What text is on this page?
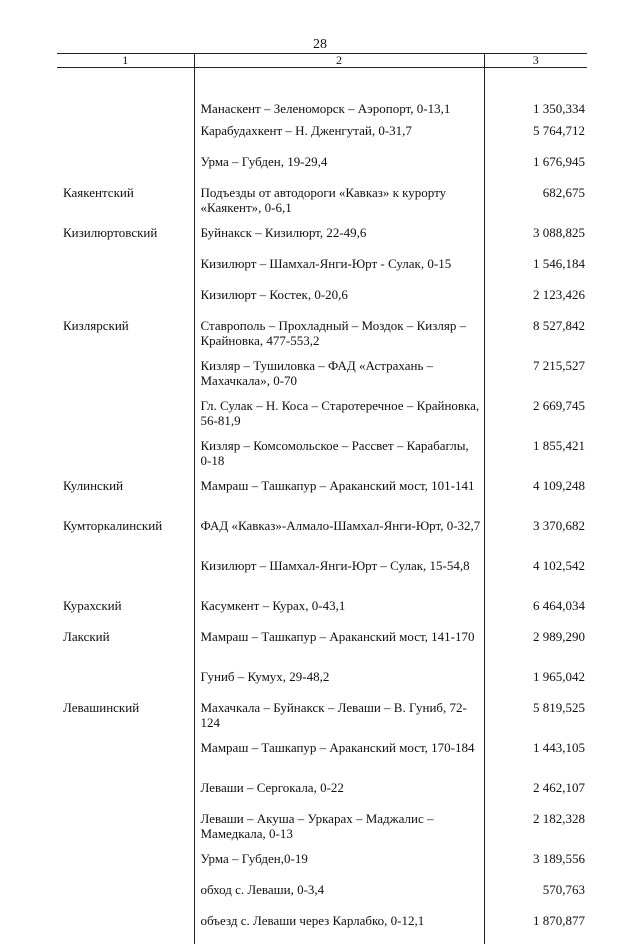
28
1	2	3
	Манаскент – Зеленоморск – Аэропорт, 0-13,1	1 350,334
	Карабудахкент – Н. Дженгутай, 0-31,7	5 764,712
	Урма – Губден, 19-29,4	1 676,945
Каякентский	Подъезды от автодороги «Кавказ» к курорту «Каякент», 0-6,1	682,675
Кизилюртовский	Буйнакск – Кизилюрт, 22-49,6	3 088,825
	Кизилюрт – Шамхал-Янги-Юрт - Сулак, 0-15	1 546,184
	Кизилюрт – Костек, 0-20,6	2 123,426
Кизлярский	Ставрополь – Прохладный – Моздок – Кизляр – Крайновка, 477-553,2	8 527,842
	Кизляр – Тушиловка – ФАД «Астрахань – Махачкала», 0-70	7 215,527
	Гл. Сулак – Н. Коса – Старотеречное – Крайновка, 56-81,9	2 669,745
	Кизляр – Комсомольское – Рассвет – Карабаглы, 0-18	1 855,421
Кулинский	Мамраш – Ташкапур – Араканский мост, 101-141	4 109,248
Кумторкалинский	ФАД «Кавказ»-Алмало-Шамхал-Янги-Юрт, 0-32,7	3 370,682
	Кизилюрт – Шамхал-Янги-Юрт – Сулак, 15-54,8	4 102,542
Курахский	Касумкент – Курах, 0-43,1	6 464,034
Лакский	Мамраш – Ташкапур – Араканский мост, 141-170	2 989,290
	Гуниб – Кумух, 29-48,2	1 965,042
Левашинский	Махачкала – Буйнакск – Леваши – В. Гуниб, 72-124	5 819,525
	Мамраш – Ташкапур – Араканский мост, 170-184	1 443,105
	Леваши – Сергокала, 0-22	2 462,107
	Леваши – Акуша – Уркарах – Маджалис – Мамедкала, 0-13	2 182,328
	Урма – Губден,0-19	3 189,556
	обход с. Леваши, 0-3,4	570,763
	объезд с. Леваши через Карлабко, 0-12,1	1 870,877
